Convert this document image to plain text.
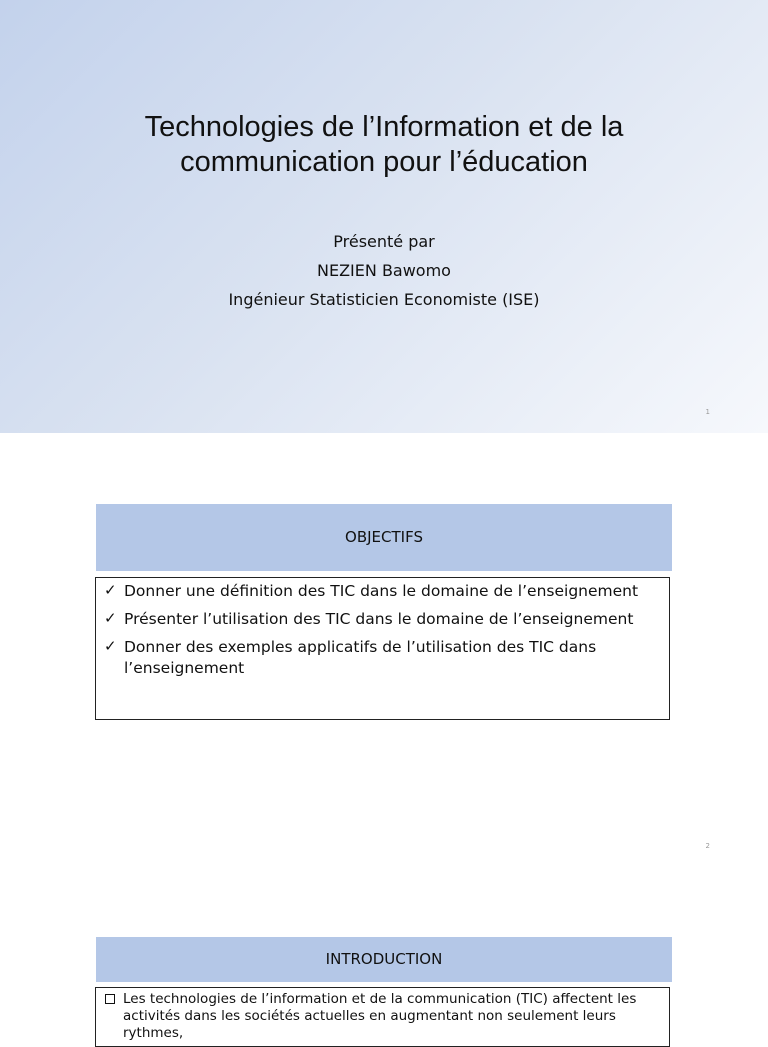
Technologies de l’Information et de la
communication pour l’éducation
Présenté par
NEZIEN Bawomo
Ingénieur Statisticien Economiste (ISE)
1
OBJECTIFS
✓ Donner une définition des TIC dans le domaine de l’enseignement
✓ Présenter l’utilisation des TIC dans le domaine de l’enseignement
✓ Donner des exemples applicatifs de l’utilisation des TIC dans l’enseignement
2
INTRODUCTION
Les technologies de l’information et de la communication (TIC) affectent les activités dans les sociétés actuelles en augmentant non seulement leurs rythmes,
